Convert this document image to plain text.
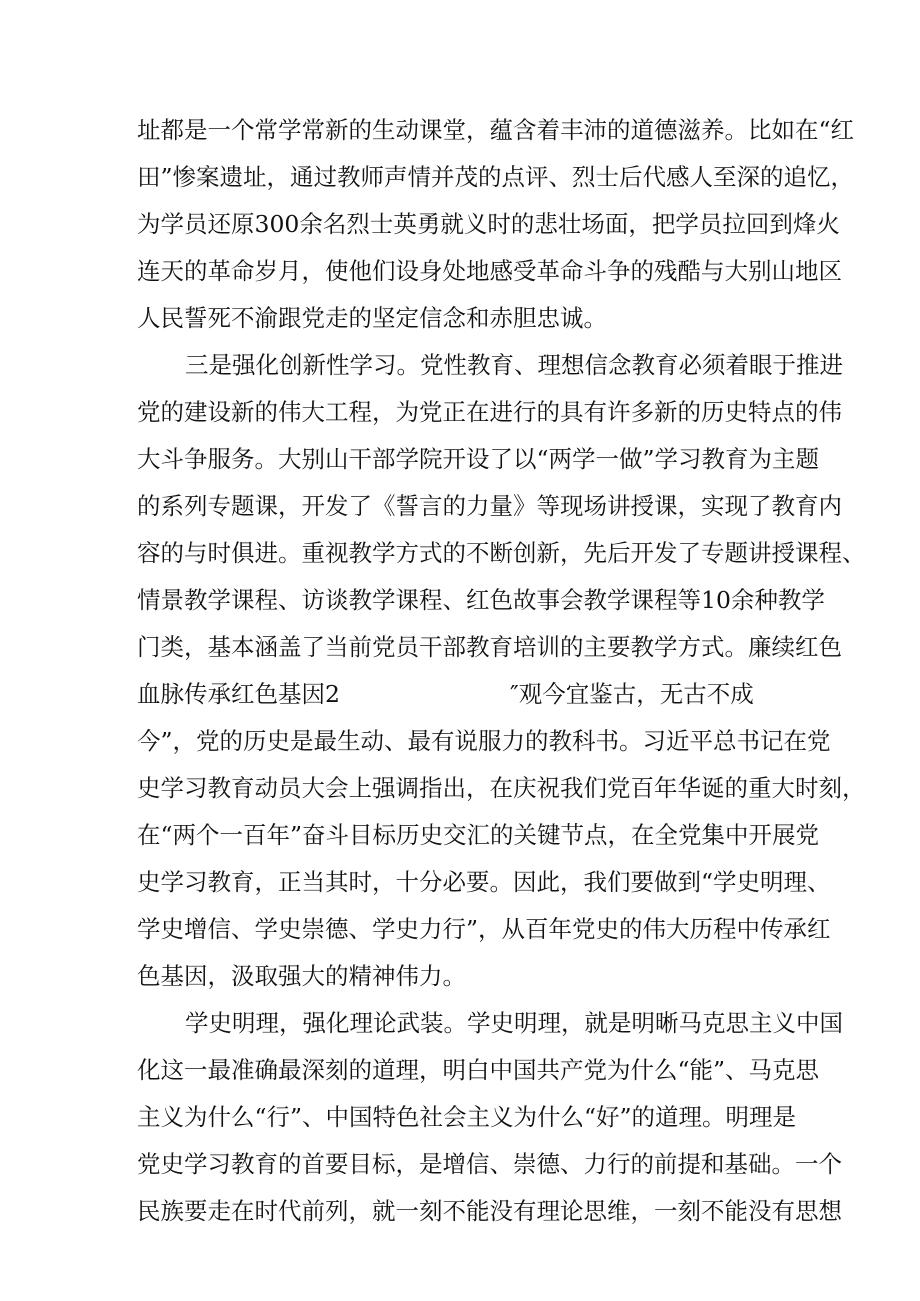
址都是一个常学常新的生动课堂，蕴含着丰沛的道德滋养。比如在“红
田”惨案遗址，通过教师声情并茂的点评、烈士后代感人至深的追忆，
为学员还原300余名烈士英勇就义时的悲壮场面，把学员拉回到烽火
连天的革命岁月，使他们设身处地感受革命斗争的残酷与大别山地区
人民誓死不渝跟党走的坚定信念和赤胆忠诚。
三是强化创新性学习。党性教育、理想信念教育必须着眼于推进
党的建设新的伟大工程，为党正在进行的具有许多新的历史特点的伟
大斗争服务。大别山干部学院开设了以“两学一做”学习教育为主题
的系列专题课，开发了《誓言的力量》等现场讲授课，实现了教育内
容的与时俱进。重视教学方式的不断创新，先后开发了专题讲授课程、
情景教学课程、访谈教学课程、红色故事会教学课程等10余种教学
门类，基本涵盖了当前党员干部教育培训的主要教学方式。廉续红色
血脉传承红色基因2	″观今宜鉴古，无古不成
今”，党的历史是最生动、最有说服力的教科书。习近平总书记在党
史学习教育动员大会上强调指出，在庆祝我们党百年华诞的重大时刻，
在“两个一百年”奋斗目标历史交汇的关键节点，在全党集中开展党
史学习教育，正当其时，十分必要。因此，我们要做到“学史明理、
学史增信、学史崇德、学史力行”，从百年党史的伟大历程中传承红
色基因，汲取强大的精神伟力。
学史明理，强化理论武装。学史明理，就是明晰马克思主义中国
化这一最准确最深刻的道理，明白中国共产党为什么“能”、马克思
主义为什么“行”、中国特色社会主义为什么“好”的道理。明理是
党史学习教育的首要目标，是增信、崇德、力行的前提和基础。一个
民族要走在时代前列，就一刻不能没有理论思维，一刻不能没有思想
